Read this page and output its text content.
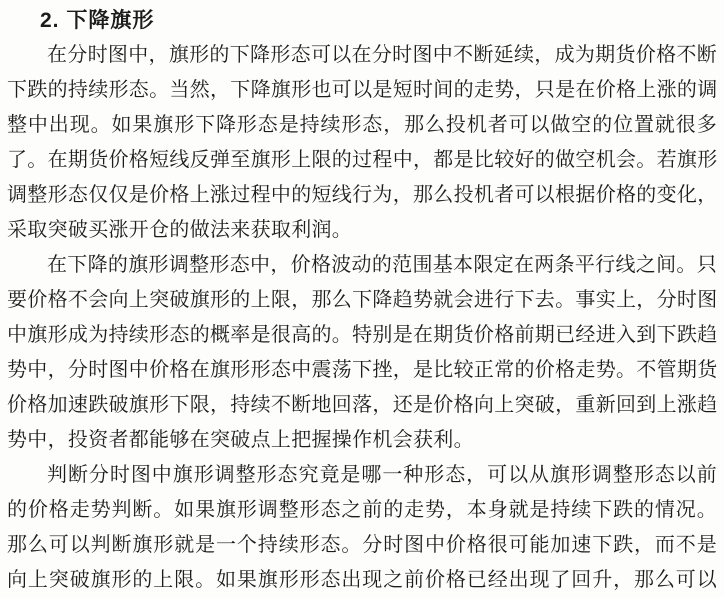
2. 下降旗形
在分时图中，旗形的下降形态可以在分时图中不断延续，成为期货价格不断
下跌的持续形态。当然，下降旗形也可以是短时间的走势，只是在价格上涨的调
整中出现。如果旗形下降形态是持续形态，那么投机者可以做空的位置就很多
了。在期货价格短线反弹至旗形上限的过程中，都是比较好的做空机会。若旗形
调整形态仅仅是价格上涨过程中的短线行为，那么投机者可以根据价格的变化，
采取突破买涨开仓的做法来获取利润。
在下降的旗形调整形态中，价格波动的范围基本限定在两条平行线之间。只
要价格不会向上突破旗形的上限，那么下降趋势就会进行下去。事实上，分时图
中旗形成为持续形态的概率是很高的。特别是在期货价格前期已经进入到下跌趋
势中，分时图中价格在旗形形态中震荡下挫，是比较正常的价格走势。不管期货
价格加速跌破旗形下限，持续不断地回落，还是价格向上突破，重新回到上涨趋
势中，投资者都能够在突破点上把握操作机会获利。
判断分时图中旗形调整形态究竟是哪一种形态，可以从旗形调整形态以前
的价格走势判断。如果旗形调整形态之前的走势，本身就是持续下跌的情况。
那么可以判断旗形就是一个持续形态。分时图中价格很可能加速下跌，而不是
向上突破旗形的上限。如果旗形形态出现之前价格已经出现了回升，那么可以
